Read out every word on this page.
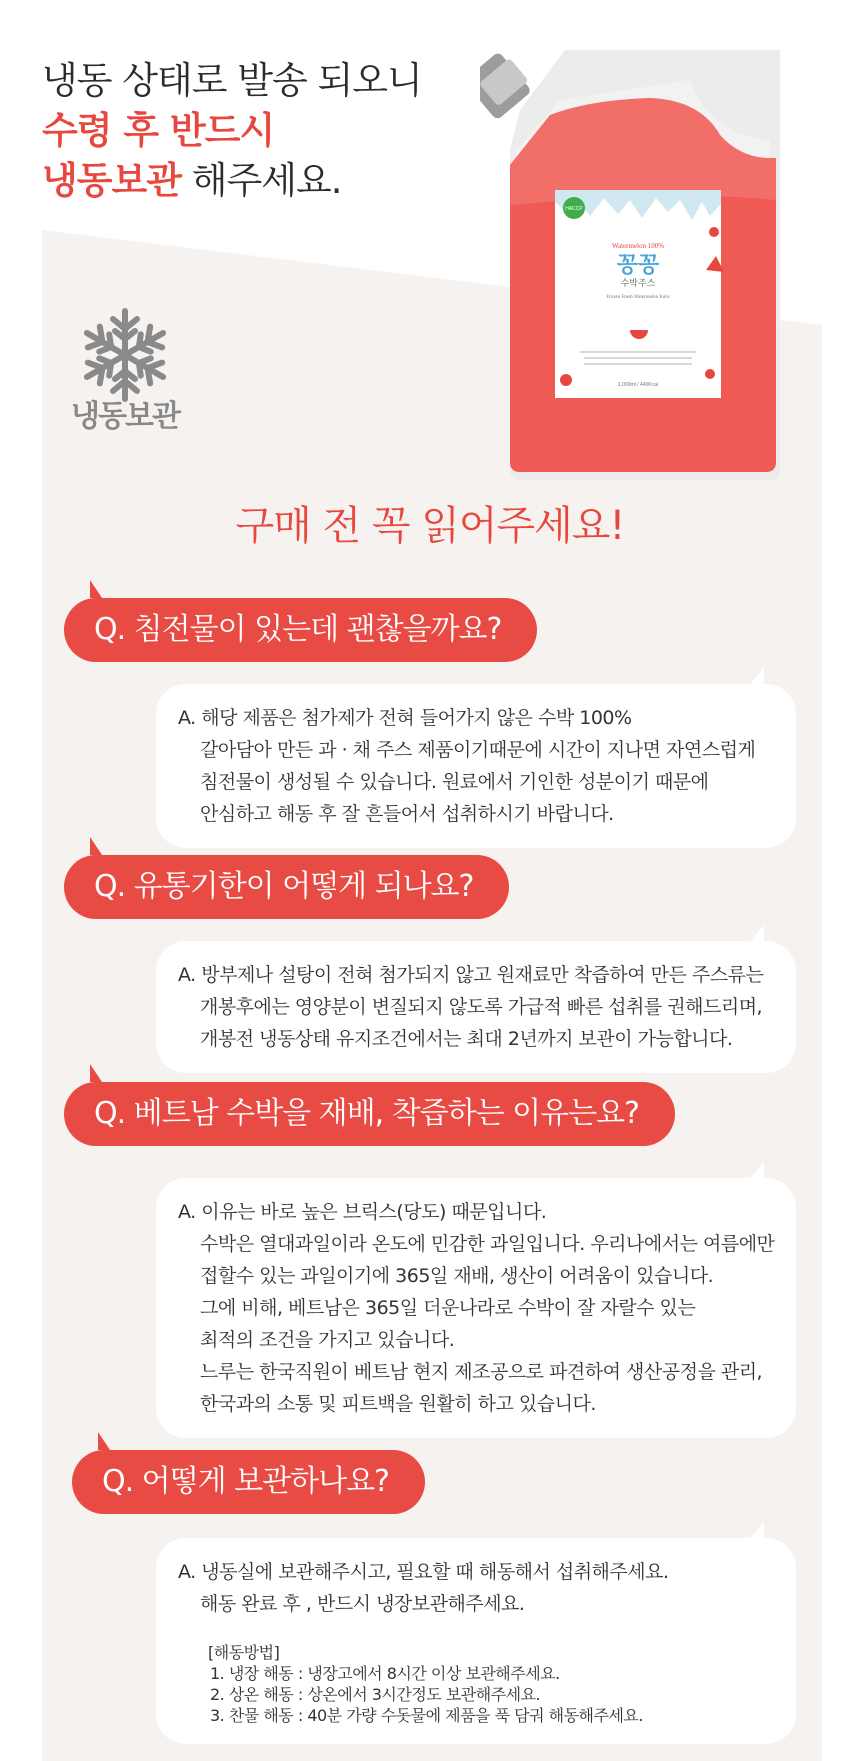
냉동 상태로 발송 되오니
수령 후 반드시
냉동보관 해주세요.
냉동보관
HACCP
Watermelon 100%
꽁꽁
수박주스
Frozen Fresh Watermelon Juice
1,000ml / 440Kcal
구매 전 꼭 읽어주세요!
Q. 침전물이 있는데 괜찮을까요?

A. 해당 제품은 첨가제가 전혀 들어가지 않은 수박 100%

갈아담아 만든 과 · 채 주스 제품이기때문에 시간이 지나면 자연스럽게

침전물이 생성될 수 있습니다. 원료에서 기인한 성분이기 때문에

안심하고 해동 후 잘 흔들어서 섭취하시기 바랍니다.

Q. 유통기한이 어떻게 되나요?

A. 방부제나 설탕이 전혀 첨가되지 않고 원재료만 착즙하여 만든 주스류는

개봉후에는 영양분이 변질되지 않도록 가급적 빠른 섭취를 권해드리며,

개봉전 냉동상태 유지조건에서는 최대 2년까지 보관이 가능합니다.

Q. 베트남 수박을 재배, 착즙하는 이유는요?

A. 이유는 바로 높은 브릭스(당도) 때문입니다.

수박은 열대과일이라 온도에 민감한 과일입니다. 우리나에서는 여름에만

접할수 있는 과일이기에 365일 재배, 생산이 어려움이 있습니다.

그에 비해, 베트남은 365일 더운나라로 수박이 잘 자랄수 있는

최적의 조건을 가지고 있습니다.

느루는 한국직원이 베트남 현지 제조공으로 파견하여 생산공정을 관리,

한국과의 소통 및 피트백을 원활히 하고 있습니다.

Q. 어떻게 보관하나요?

A. 냉동실에 보관해주시고, 필요할 때 해동해서 섭취해주세요.

해동 완료 후 , 반드시 냉장보관해주세요.

[해동방법]
1. 냉장 해동 : 냉장고에서 8시간 이상 보관해주세요.
2. 상온 해동 : 상온에서 3시간정도 보관해주세요.
3. 찬물 해동 : 40분 가량 수돗물에 제품을 푹 담궈 해동해주세요.
